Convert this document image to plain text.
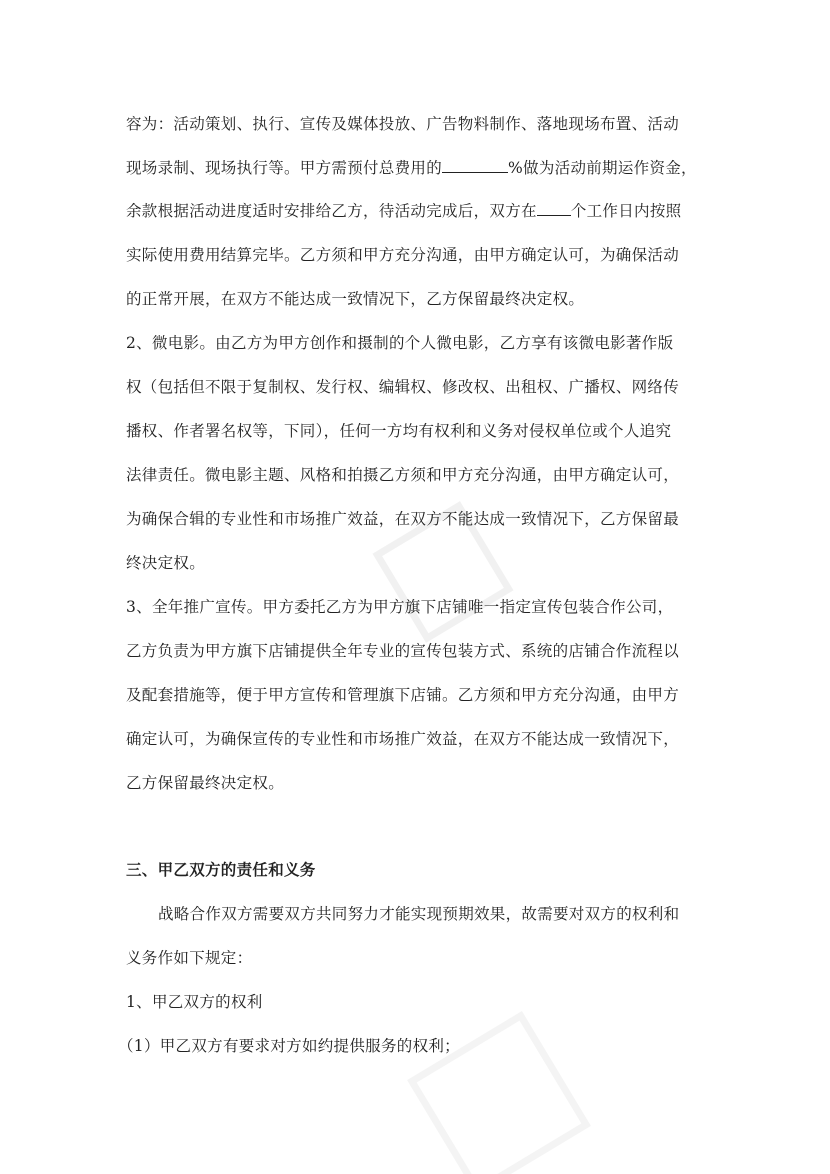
容为：活动策划、执行、宣传及媒体投放、广告物料制作、落地现场布置、活动
现场录制、现场执行等。甲方需预付总费用的	%做为活动前期运作资金，
余款根据活动进度适时安排给乙方，待活动完成后，双方在 个工作日内按照
实际使用费用结算完毕。乙方须和甲方充分沟通，由甲方确定认可，为确保活动
的正常开展，在双方不能达成一致情况下，乙方保留最终决定权。
2、微电影。由乙方为甲方创作和摄制的个人微电影，乙方享有该微电影著作版
权（包括但不限于复制权、发行权、编辑权、修改权、出租权、广播权、网络传
播权、作者署名权等，下同），任何一方均有权利和义务对侵权单位或个人追究
法律责任。微电影主题、风格和拍摄乙方须和甲方充分沟通，由甲方确定认可，
为确保合辑的专业性和市场推广效益，在双方不能达成一致情况下，乙方保留最
终决定权。
3、全年推广宣传。甲方委托乙方为甲方旗下店铺唯一指定宣传包装合作公司，
乙方负责为甲方旗下店铺提供全年专业的宣传包装方式、系统的店铺合作流程以
及配套措施等，便于甲方宣传和管理旗下店铺。乙方须和甲方充分沟通，由甲方
确定认可，为确保宣传的专业性和市场推广效益，在双方不能达成一致情况下，
乙方保留最终决定权。
三、甲乙双方的责任和义务
战略合作双方需要双方共同努力才能实现预期效果，故需要对双方的权利和
义务作如下规定：
1、甲乙双方的权利
（1）甲乙双方有要求对方如约提供服务的权利；
